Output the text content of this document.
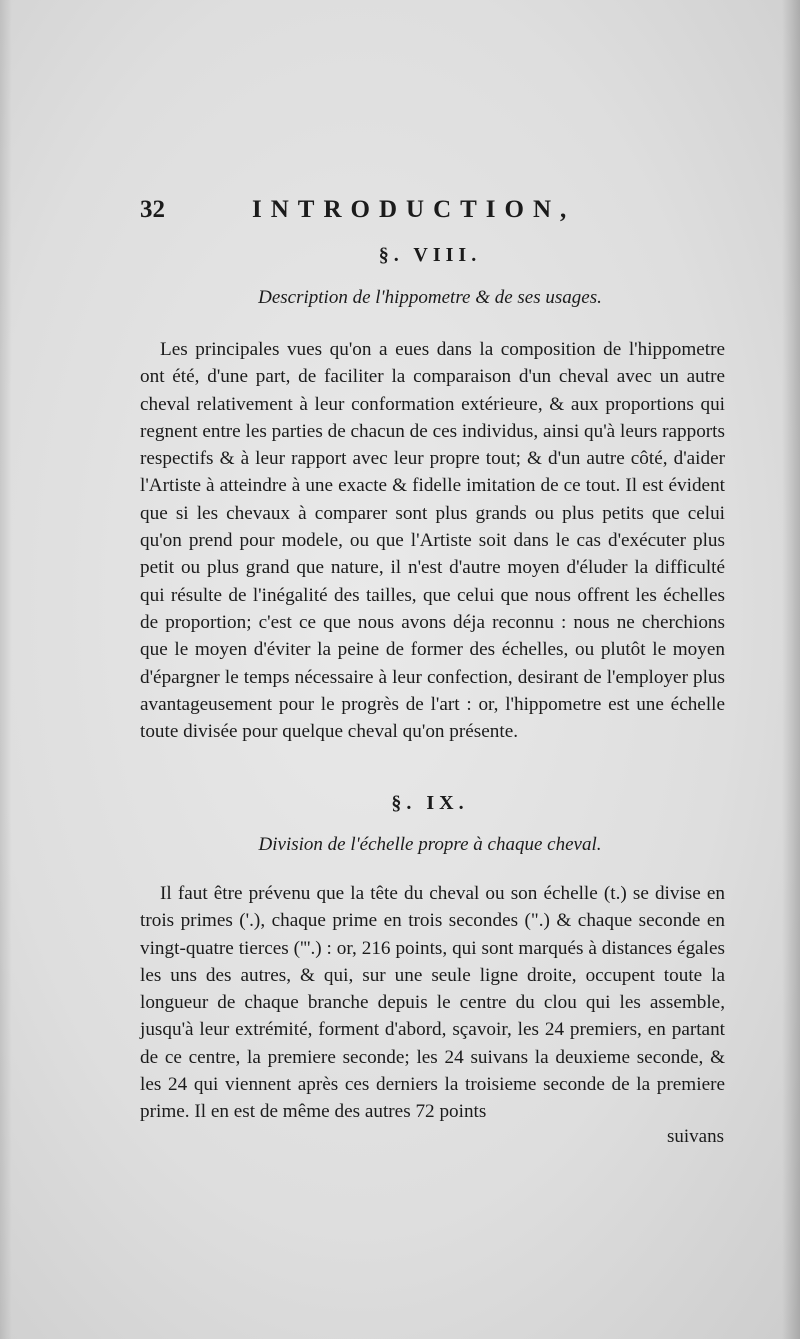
32	INTRODUCTION,
§. VIII.
Description de l'hippometre & de ses usages.

Les principales vues qu'on a eues dans la composition de l'hippometre ont été, d'une part, de faciliter la comparaison d'un cheval avec un autre cheval relativement à leur conformation extérieure, & aux proportions qui regnent entre les parties de chacun de ces individus, ainsi qu'à leurs rapports respectifs & à leur rapport avec leur propre tout; & d'un autre côté, d'aider l'Artiste à atteindre à une exacte & fidelle imitation de ce tout. Il est évident que si les chevaux à comparer sont plus grands ou plus petits que celui qu'on prend pour modele, ou que l'Artiste soit dans le cas d'exécuter plus petit ou plus grand que nature, il n'est d'autre moyen d'éluder la difficulté qui résulte de l'inégalité des tailles, que celui que nous offrent les échelles de proportion; c'est ce que nous avons déja reconnu : nous ne cherchions que le moyen d'éviter la peine de former des échelles, ou plutôt le moyen d'épargner le temps nécessaire à leur confection, desirant de l'employer plus avantageusement pour le progrès de l'art : or, l'hippometre est une échelle toute divisée pour quelque cheval qu'on présente.

§. IX.
Division de l'échelle propre à chaque cheval.

Il faut être prévenu que la tête du cheval ou son échelle (t.) se divise en trois primes ('.), chaque prime en trois secondes (".) & chaque seconde en vingt-quatre tierces ('''.) : or, 216 points, qui sont marqués à distances égales les uns des autres, & qui, sur une seule ligne droite, occupent toute la longueur de chaque branche depuis le centre du clou qui les assemble, jusqu'à leur extrémité, forment d'abord, sçavoir, les 24 premiers, en partant de ce centre, la premiere seconde; les 24 suivans la deuxieme seconde, & les 24 qui viennent après ces derniers la troisieme seconde de la premiere prime. Il en est de même des autres 72 points

suivans
